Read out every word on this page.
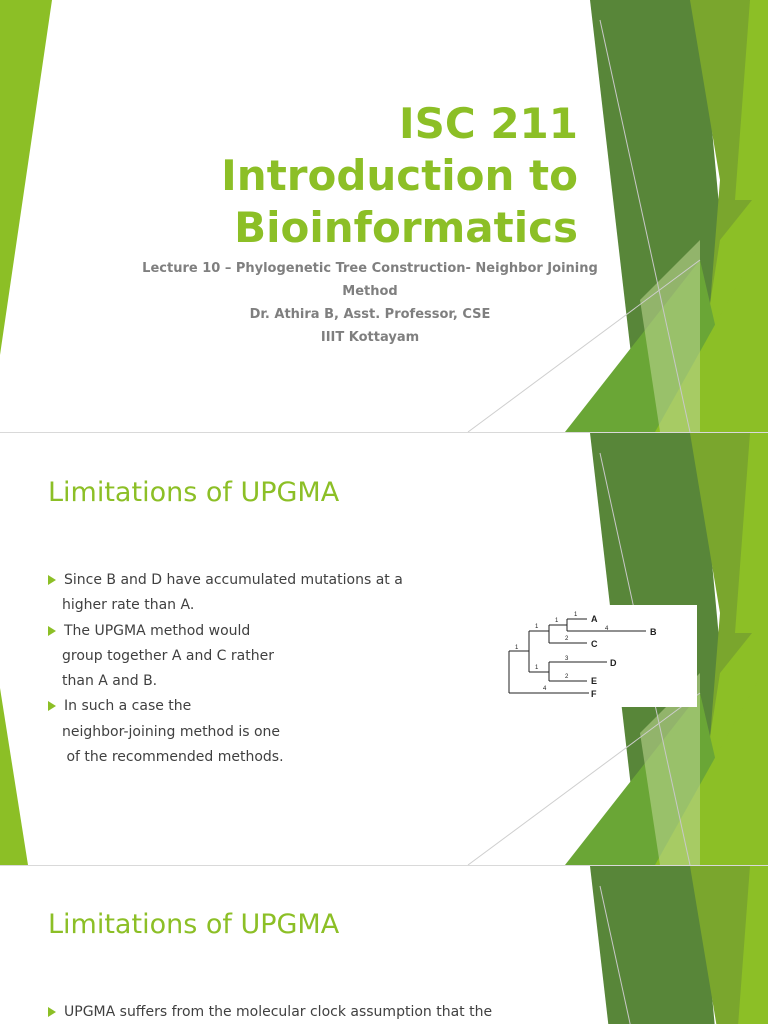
ISC 211
Introduction to
Bioinformatics
Lecture 10 – Phylogenetic Tree Construction- Neighbor Joining
Method
Dr. Athira B, Asst. Professor, CSE
IIIT Kottayam
Limitations of UPGMA
Since B and D have accumulated mutations at a
higher rate than A.
The UPGMA method would
group together A and C rather
than A and B.
In such a case the
neighbor-joining method is one
of the recommended methods.
A
B
C
D
E
F
1
1
1	4
1
2
1
3
2
4
Limitations of UPGMA
UPGMA suffers from the molecular clock assumption that the
